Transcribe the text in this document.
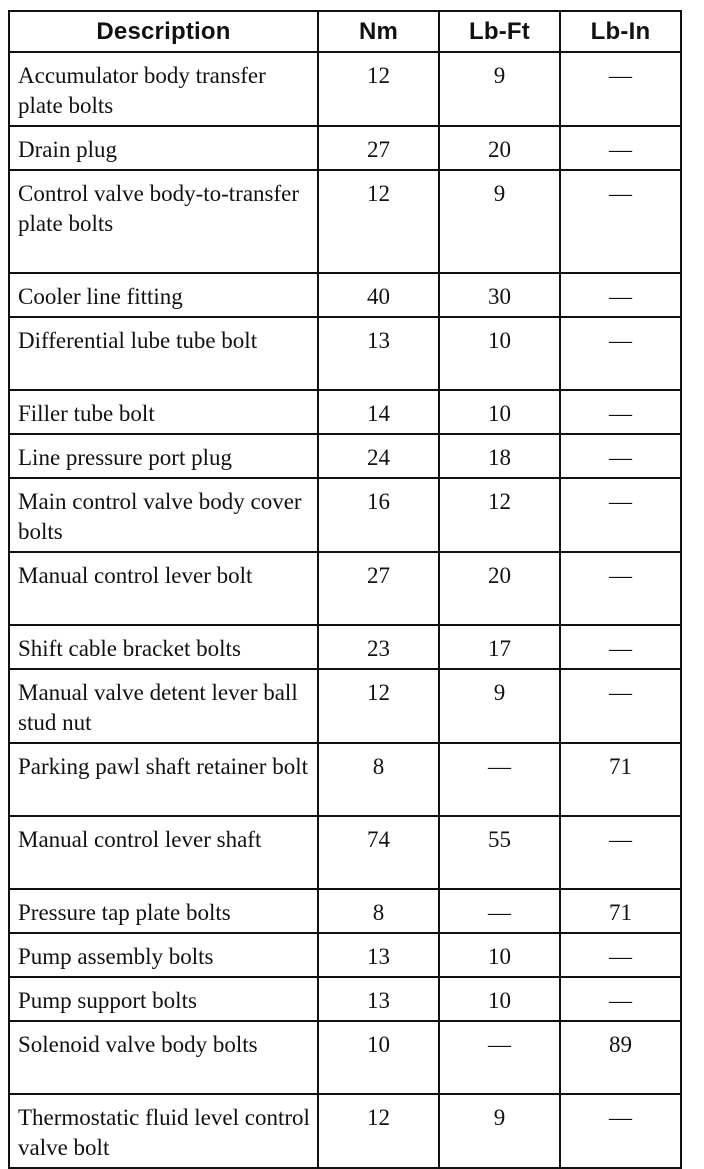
Description	Nm	Lb-Ft	Lb-In
Accumulator body transfer plate bolts	12	9	—
Drain plug	27	20	—
Control valve body-to-transfer plate bolts	12	9	—
Cooler line fitting	40	30	—
Differential lube tube bolt	13	10	—
Filler tube bolt	14	10	—
Line pressure port plug	24	18	—
Main control valve body cover bolts	16	12	—
Manual control lever bolt	27	20	—
Shift cable bracket bolts	23	17	—
Manual valve detent lever ball stud nut	12	9	—
Parking pawl shaft retainer bolt	8	—	71
Manual control lever shaft	74	55	—
Pressure tap plate bolts	8	—	71
Pump assembly bolts	13	10	—
Pump support bolts	13	10	—
Solenoid valve body bolts	10	—	89
Thermostatic fluid level control valve bolt	12	9	—
